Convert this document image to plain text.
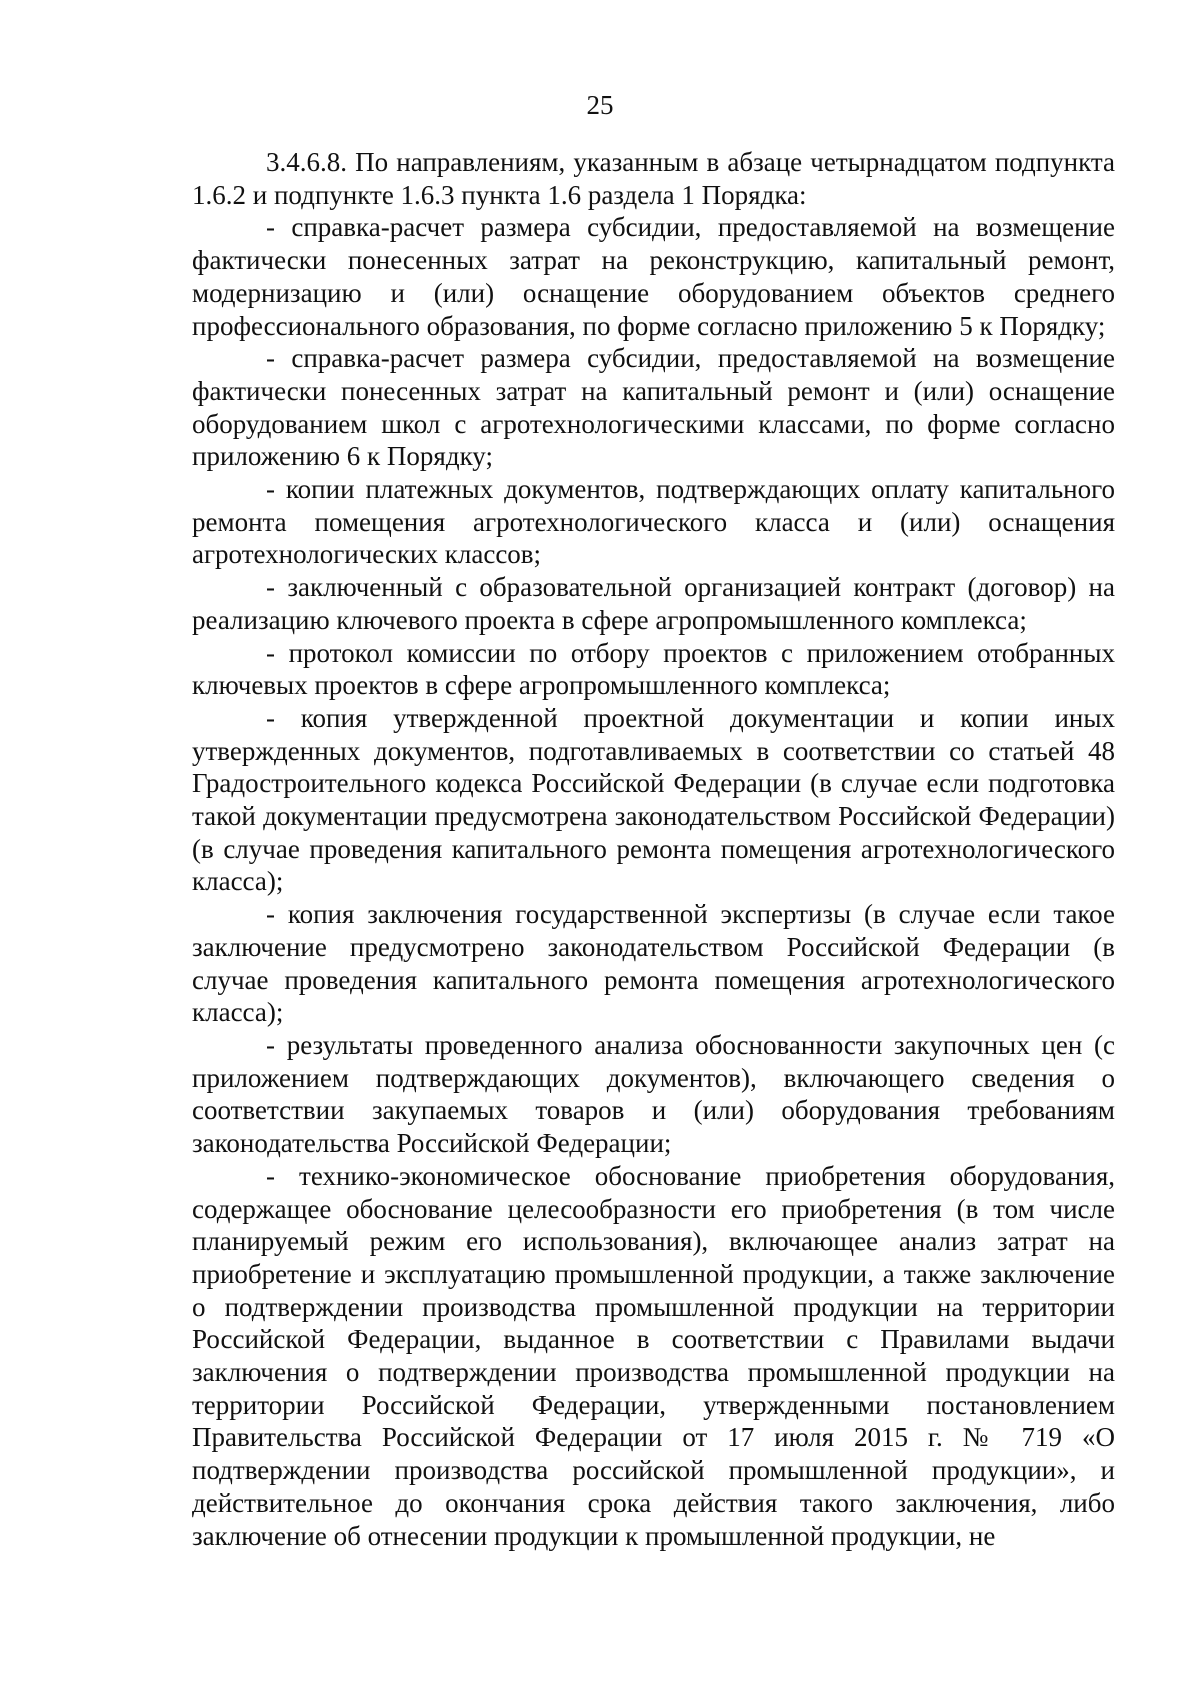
25

3.4.6.8. По направлениям, указанным в абзаце четырнадцатом подпункта 1.6.2 и подпункте 1.6.3 пункта 1.6 раздела 1 Порядка:

- справка-расчет размера субсидии, предоставляемой на возмещение фактически понесенных затрат на реконструкцию, капитальный ремонт, модернизацию и (или) оснащение оборудованием объектов среднего профессионального образования, по форме согласно приложению 5 к Порядку;

- справка-расчет размера субсидии, предоставляемой на возмещение фактически понесенных затрат на капитальный ремонт и (или) оснащение оборудованием школ с агротехнологическими классами, по форме согласно приложению 6 к Порядку;

- копии платежных документов, подтверждающих оплату капитального ремонта помещения агротехнологического класса и (или) оснащения агротехнологических классов;

- заключенный с образовательной организацией контракт (договор) на реализацию ключевого проекта в сфере агропромышленного комплекса;

- протокол комиссии по отбору проектов с приложением отобранных ключевых проектов в сфере агропромышленного комплекса;

- копия утвержденной проектной документации и копии иных утвержденных документов, подготавливаемых в соответствии со статьей 48 Градостроительного кодекса Российской Федерации (в случае если подготовка такой документации предусмотрена законодательством Российской Федерации) (в случае проведения капитального ремонта помещения агротехнологического класса);

- копия заключения государственной экспертизы (в случае если такое заключение предусмотрено законодательством Российской Федерации (в случае проведения капитального ремонта помещения агротехнологического класса);

- результаты проведенного анализа обоснованности закупочных цен (с приложением подтверждающих документов), включающего сведения о соответствии закупаемых товаров и (или) оборудования требованиям законодательства Российской Федерации;

- технико-экономическое обоснование приобретения оборудования, содержащее обоснование целесообразности его приобретения (в том числе планируемый режим его использования), включающее анализ затрат на приобретение и эксплуатацию промышленной продукции, а также заключение о подтверждении производства промышленной продукции на территории Российской Федерации, выданное в соответствии с Правилами выдачи заключения о подтверждении производства промышленной продукции на территории Российской Федерации, утвержденными постановлением Правительства Российской Федерации от 17 июля 2015 г. № 719 «О подтверждении производства российской промышленной продукции», и действительное до окончания срока действия такого заключения, либо заключение об отнесении продукции к промышленной продукции, не
